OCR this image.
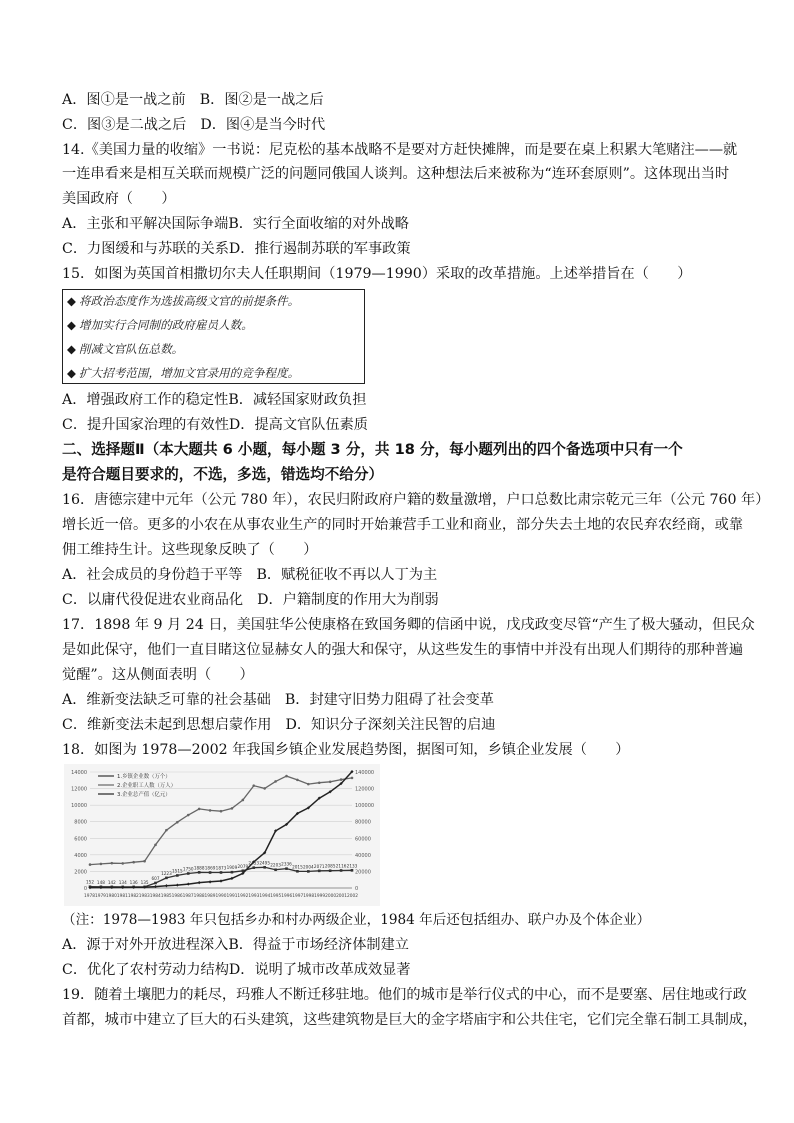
A．图①是一战之前 B．图②是一战之后
C．图③是二战之后 D．图④是当今时代
14.《美国力量的收缩》一书说：尼克松的基本战略不是要对方赶快摊牌，而是要在桌上积累大笔赌注——就
一连串看来是相互关联而规模广泛的问题同俄国人谈判。这种想法后来被称为“连环套原则”。这体现出当时
美国政府（　　）
A．主张和平解决国际争端B．实行全面收缩的对外战略
C．力图缓和与苏联的关系D．推行遏制苏联的军事政策
15．如图为英国首相撒切尔夫人任职期间（1979—1990）采取的改革措施。上述举措旨在（　　）
◆ 将政治态度作为选拔高级文官的前提条件。
◆ 增加实行合同制的政府雇员人数。
◆ 削减文官队伍总数。
◆ 扩大招考范围，增加文官录用的竞争程度。
A．增强政府工作的稳定性B．减轻国家财政负担
C．提升国家治理的有效性D．提高文官队伍素质
二、选择题Ⅱ（本大题共 6 小题，每小题 3 分，共 18 分，每小题列出的四个备选项中只有一个
是符合题目要求的，不选，多选，错选均不给分）
16．唐德宗建中元年（公元 780 年），农民归附政府户籍的数量激增，户口总数比肃宗乾元三年（公元 760 年）
增长近一倍。更多的小农在从事农业生产的同时开始兼营手工业和商业，部分失去土地的农民弃农经商，或靠
佣工维持生计。这些现象反映了（　　）
A．社会成员的身份趋于平等 B．赋税征收不再以人丁为主
C．以庸代役促进农业商品化 D．户籍制度的作用大为削弱
17．1898 年 9 月 24 日，美国驻华公使康格在致国务卿的信函中说，戊戌政变尽管“产生了极大骚动，但民众
是如此保守，他们一直目睹这位显赫女人的强大和保守，从这些发生的事情中并没有出现人们期待的那种普遍
觉醒”。这从侧面表明（　　）
A．维新变法缺乏可靠的社会基础 B．封建守旧势力阻碍了社会变革
C．维新变法未起到思想启蒙作用 D．知识分子深刻关注民智的启迪
18．如图为 1978—2002 年我国乡镇企业发展趋势图，据图可知，乡镇企业发展（　　）
14000	140000
12000	120000
10000	100000
8000	80000
6000	60000
4000	40000
2000	20000
0	0
1978197919801981198219831984198519861987198819891990199119921993199419951996199719981999200020012002
152 148 142 134 136 135
607
1223 1515 1750 1888 1869 1873 1909 2079
2453 2495 2203 2336
2015 2004 2071 2085 2116 2133
1.乡镇企业数（万个）
2.企业职工人数（万人）
3.企业总产值（亿元）
（注：1978—1983 年只包括乡办和村办两级企业，1984 年后还包括组办、联户办及个体企业）
A．源于对外开放进程深入B．得益于市场经济体制建立
C．优化了农村劳动力结构D．说明了城市改革成效显著
19．随着土壤肥力的耗尽，玛雅人不断迁移驻地。他们的城市是举行仪式的中心，而不是要塞、居住地或行政
首都，城市中建立了巨大的石头建筑，这些建筑物是巨大的金字塔庙宇和公共住宅，它们完全靠石制工具制成，
